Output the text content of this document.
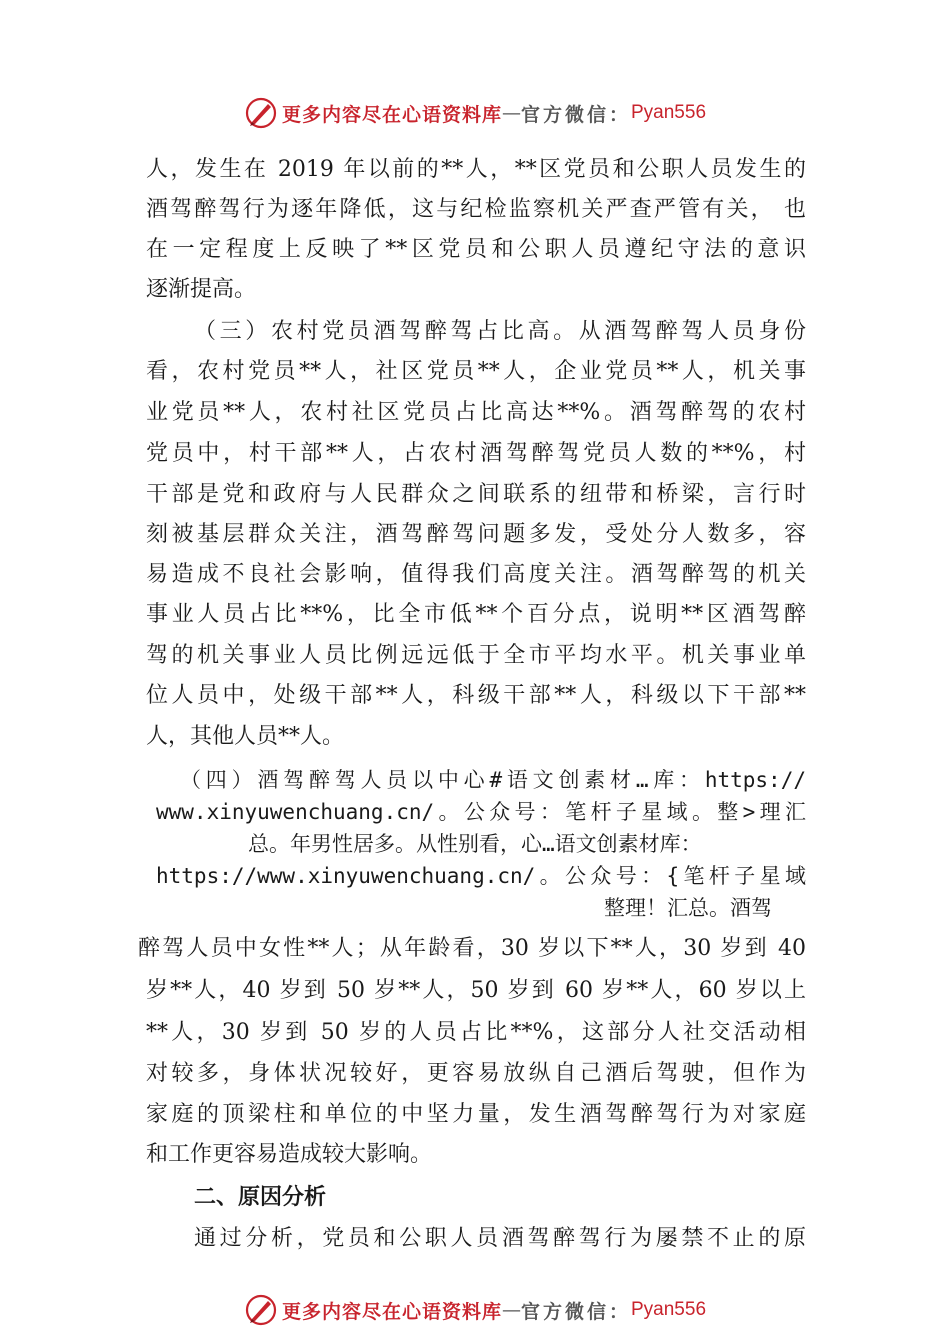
更多内容尽在心语资料库 — 官方微信： Pyan556
人，发生在 2019 年以前的**人，**区党员和公职人员发生的
酒驾醉驾行为逐年降低，这与纪检监察机关严查严管有关， 也
在一定程度上反映了**区党员和公职人员遵纪守法的意识
逐渐提高。
（三）农村党员酒驾醉驾占比高。从酒驾醉驾人员身份
看，农村党员**人，社区党员**人，企业党员**人，机关事
业党员**人，农村社区党员占比高达**%。酒驾醉驾的农村
党员中，村干部**人，占农村酒驾醉驾党员人数的**%，村
干部是党和政府与人民群众之间联系的纽带和桥梁，言行时
刻被基层群众关注，酒驾醉驾问题多发，受处分人数多，容
易造成不良社会影响，值得我们高度关注。酒驾醉驾的机关
事业人员占比**%，比全市低**个百分点，说明**区酒驾醉
驾的机关事业人员比例远远低于全市平均水平。机关事业单
位人员中，处级干部**人，科级干部**人，科级以下干部**
人，其他人员**人。
（四）酒驾醉驾人员以中心#语文创素材…库：https://
www.xinyuwenchuang.cn/。公众号：笔杆子星域。整>理汇
总。年男性居多。从性别看，心…语文创素材库：
https://www.xinyuwenchuang.cn/。公众号：{笔杆子星域
整理！汇总。酒驾
醉驾人员中女性**人；从年龄看，30 岁以下**人，30 岁到 40
岁**人，40 岁到 50 岁**人，50 岁到 60 岁**人，60 岁以上
**人，30 岁到 50 岁的人员占比**%，这部分人社交活动相
对较多，身体状况较好，更容易放纵自己酒后驾驶，但作为
家庭的顶梁柱和单位的中坚力量，发生酒驾醉驾行为对家庭
和工作更容易造成较大影响。
二、原因分析
通过分析，党员和公职人员酒驾醉驾行为屡禁不止的原
更多内容尽在心语资料库 — 官方微信： Pyan556
